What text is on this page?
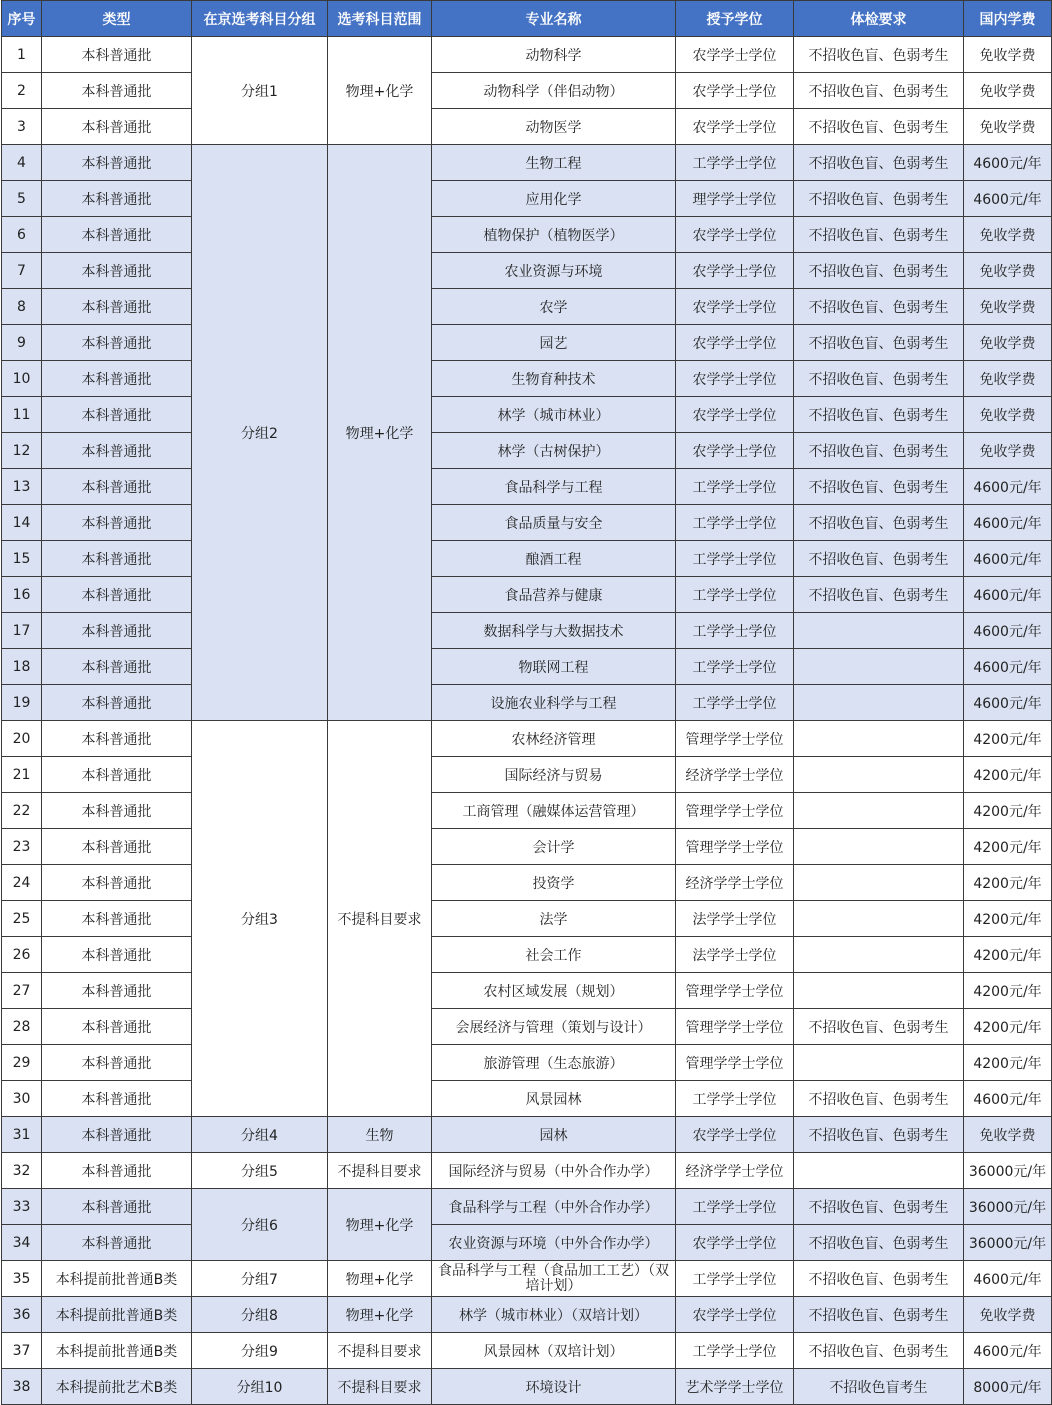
序号	类型	在京选考科目分组	选考科目范围	专业名称	授予学位	体检要求	国内学费
1	本科普通批	分组1	物理+化学	动物科学	农学学士学位	不招收色盲、色弱考生	免收学费
2	本科普通批			动物科学（伴侣动物）	农学学士学位	不招收色盲、色弱考生	免收学费
3	本科普通批			动物医学	农学学士学位	不招收色盲、色弱考生	免收学费
4	本科普通批	分组2	物理+化学	生物工程	工学学士学位	不招收色盲、色弱考生	4600元/年
5	本科普通批			应用化学	理学学士学位	不招收色盲、色弱考生	4600元/年
6	本科普通批			植物保护（植物医学）	农学学士学位	不招收色盲、色弱考生	免收学费
7	本科普通批			农业资源与环境	农学学士学位	不招收色盲、色弱考生	免收学费
8	本科普通批			农学	农学学士学位	不招收色盲、色弱考生	免收学费
9	本科普通批			园艺	农学学士学位	不招收色盲、色弱考生	免收学费
10	本科普通批			生物育种技术	农学学士学位	不招收色盲、色弱考生	免收学费
11	本科普通批			林学（城市林业）	农学学士学位	不招收色盲、色弱考生	免收学费
12	本科普通批			林学（古树保护）	农学学士学位	不招收色盲、色弱考生	免收学费
13	本科普通批			食品科学与工程	工学学士学位	不招收色盲、色弱考生	4600元/年
14	本科普通批			食品质量与安全	工学学士学位	不招收色盲、色弱考生	4600元/年
15	本科普通批			酿酒工程	工学学士学位	不招收色盲、色弱考生	4600元/年
16	本科普通批			食品营养与健康	工学学士学位	不招收色盲、色弱考生	4600元/年
17	本科普通批			数据科学与大数据技术	工学学士学位		4600元/年
18	本科普通批			物联网工程	工学学士学位		4600元/年
19	本科普通批			设施农业科学与工程	工学学士学位		4600元/年
20	本科普通批	分组3	不提科目要求	农林经济管理	管理学学士学位		4200元/年
21	本科普通批			国际经济与贸易	经济学学士学位		4200元/年
22	本科普通批			工商管理（融媒体运营管理）	管理学学士学位		4200元/年
23	本科普通批			会计学	管理学学士学位		4200元/年
24	本科普通批			投资学	经济学学士学位		4200元/年
25	本科普通批			法学	法学学士学位		4200元/年
26	本科普通批			社会工作	法学学士学位		4200元/年
27	本科普通批			农村区域发展（规划）	管理学学士学位		4200元/年
28	本科普通批			会展经济与管理（策划与设计）	管理学学士学位	不招收色盲、色弱考生	4200元/年
29	本科普通批			旅游管理（生态旅游）	管理学学士学位		4200元/年
30	本科普通批			风景园林	工学学士学位	不招收色盲、色弱考生	4600元/年
31	本科普通批	分组4	生物	园林	农学学士学位	不招收色盲、色弱考生	免收学费
32	本科普通批	分组5	不提科目要求	国际经济与贸易（中外合作办学）	经济学学士学位		36000元/年
33	本科普通批	分组6	物理+化学	食品科学与工程（中外合作办学）	工学学士学位	不招收色盲、色弱考生	36000元/年
34	本科普通批			农业资源与环境（中外合作办学）	农学学士学位	不招收色盲、色弱考生	36000元/年
35	本科提前批普通B类	分组7	物理+化学	食品科学与工程（食品加工工艺）（双培计划）	工学学士学位	不招收色盲、色弱考生	4600元/年
36	本科提前批普通B类	分组8	物理+化学	林学（城市林业）（双培计划）	农学学士学位	不招收色盲、色弱考生	免收学费
37	本科提前批普通B类	分组9	不提科目要求	风景园林（双培计划）	工学学士学位	不招收色盲、色弱考生	4600元/年
38	本科提前批艺术B类	分组10	不提科目要求	环境设计	艺术学学士学位	不招收色盲考生	8000元/年
